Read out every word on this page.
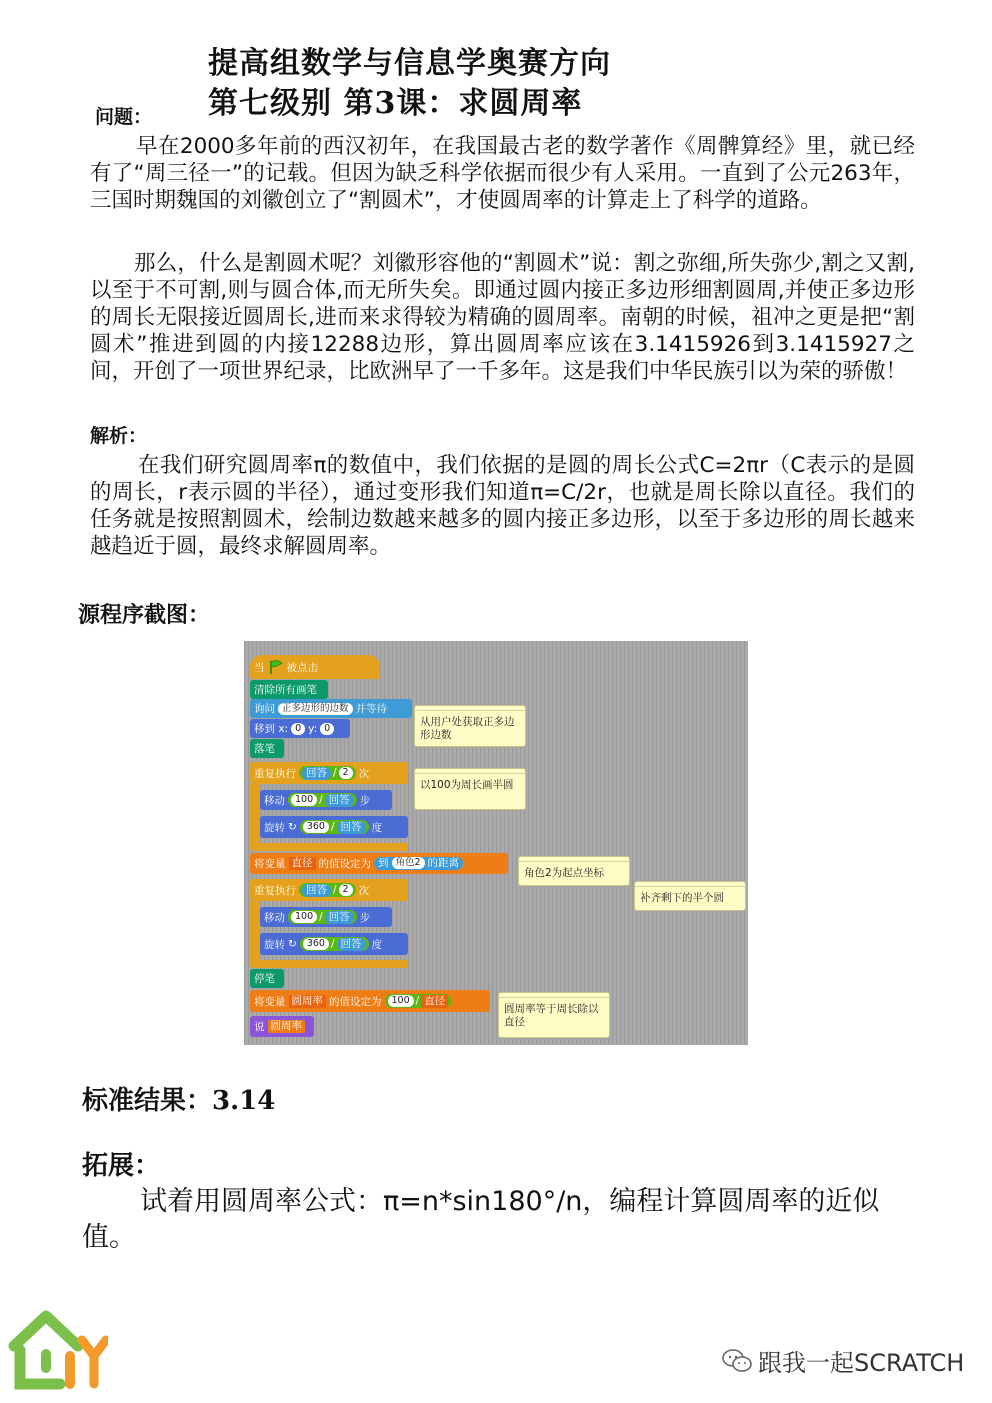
提高组数学与信息学奥赛方向
第七级别 第3课：求圆周率
问题：
早在2000多年前的西汉初年，在我国最古老的数学著作《周髀算经》里，就已经有了“周三径一”的记载。但因为缺乏科学依据而很少有人采用。一直到了公元263年，三国时期魏国的刘徽创立了“割圆术”，才使圆周率的计算走上了科学的道路。
那么，什么是割圆术呢？刘徽形容他的“割圆术”说：割之弥细,所失弥少,割之又割,以至于不可割,则与圆合体,而无所失矣。即通过圆内接正多边形细割圆周,并使正多边形的周长无限接近圆周长,进而来求得较为精确的圆周率。南朝的时候，祖冲之更是把“割圆术”推进到圆的内接12288边形，算出圆周率应该在3.1415926到3.1415927之间，开创了一项世界纪录，比欧洲早了一千多年。这是我们中华民族引以为荣的骄傲！
解析：
在我们研究圆周率π的数值中，我们依据的是圆的周长公式C=2πr（C表示的是圆的周长，r表示圆的半径），通过变形我们知道π=C/2r，也就是周长除以直径。我们的任务就是按照割圆术，绘制边数越来越多的圆内接正多边形，以至于多边形的周长越来越趋近于圆，最终求解圆周率。
源程序截图：
当 被点击
清除所有画笔
询问 正多边形的边数 并等待
移到 x: 0 y: 0
落笔
重复执行 回答 / 2 次
移动	100 / 回答 步
旋转 ↻	360 / 回答 度
将变量 直径 的值设定为 到 角色2 的距离
重复执行 回答 / 2 次
移动	100 / 回答 步
旋转 ↻	360 / 回答 度
停笔
将变量 圆周率 的值设定为	100 / 直径
说 圆周率
从用户处获取正多边形边数
以100为周长画半圆
角色2为起点坐标
补齐剩下的半个圆
圆周率等于周长除以直径
标准结果：3.14
拓展：
试着用圆周率公式：π=n*sin180°/n，编程计算圆周率的近似值。
跟我一起SCRATCH
